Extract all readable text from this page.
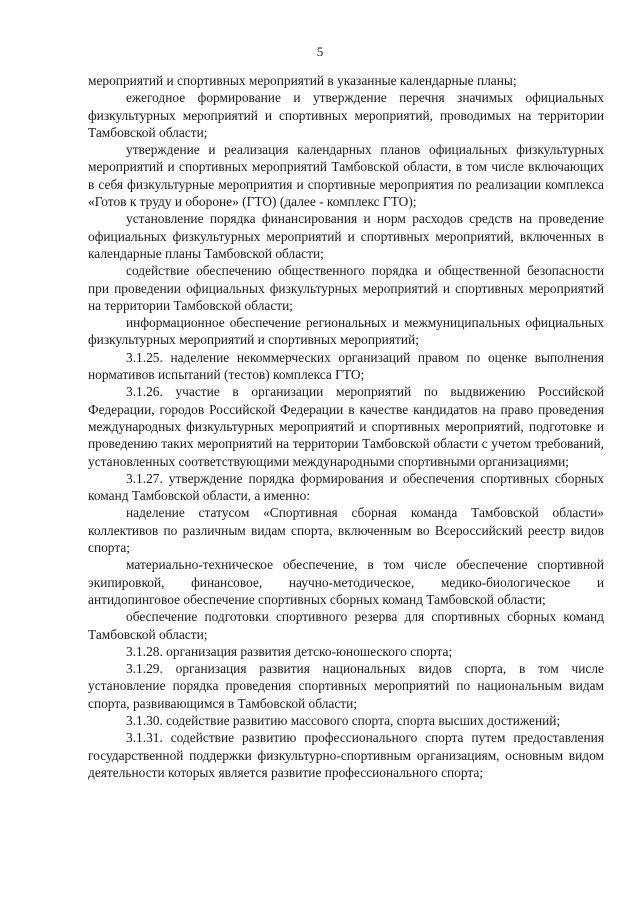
5

мероприятий и спортивных мероприятий в указанные календарные планы;

ежегодное формирование и утверждение перечня значимых официальных физкультурных мероприятий и спортивных мероприятий, проводимых на территории Тамбовской области;

утверждение и реализация календарных планов официальных физкультурных мероприятий и спортивных мероприятий Тамбовской области, в том числе включающих в себя физкультурные мероприятия и спортивные мероприятия по реализации комплекса «Готов к труду и обороне» (ГТО) (далее - комплекс ГТО);

установление порядка финансирования и норм расходов средств на проведение официальных физкультурных мероприятий и спортивных мероприятий, включенных в календарные планы Тамбовской области;

содействие обеспечению общественного порядка и общественной безопасности при проведении официальных физкультурных мероприятий и спортивных мероприятий на территории Тамбовской области;

информационное обеспечение региональных и межмуниципальных официальных физкультурных мероприятий и спортивных мероприятий;

3.1.25. наделение некоммерческих организаций правом по оценке выполнения нормативов испытаний (тестов) комплекса ГТО;

3.1.26. участие в организации мероприятий по выдвижению Российской Федерации, городов Российской Федерации в качестве кандидатов на право проведения международных физкультурных мероприятий и спортивных мероприятий, подготовке и проведению таких мероприятий на территории Тамбовской области с учетом требований, установленных соответствующими международными спортивными организациями;

3.1.27. утверждение порядка формирования и обеспечения спортивных сборных команд Тамбовской области, а именно:

наделение статусом «Спортивная сборная команда Тамбовской области» коллективов по различным видам спорта, включенным во Всероссийский реестр видов спорта;

материально-техническое обеспечение, в том числе обеспечение спортивной экипировкой, финансовое, научно-методическое, медико-биологическое и антидопинговое обеспечение спортивных сборных команд Тамбовской области;

обеспечение подготовки спортивного резерва для спортивных сборных команд Тамбовской области;

3.1.28. организация развития детско-юношеского спорта;

3.1.29. организация развития национальных видов спорта, в том числе установление порядка проведения спортивных мероприятий по национальным видам спорта, развивающимся в Тамбовской области;

3.1.30. содействие развитию массового спорта, спорта высших достижений;

3.1.31. содействие развитию профессионального спорта путем предоставления государственной поддержки физкультурно-спортивным организациям, основным видом деятельности которых является развитие профессионального спорта;
